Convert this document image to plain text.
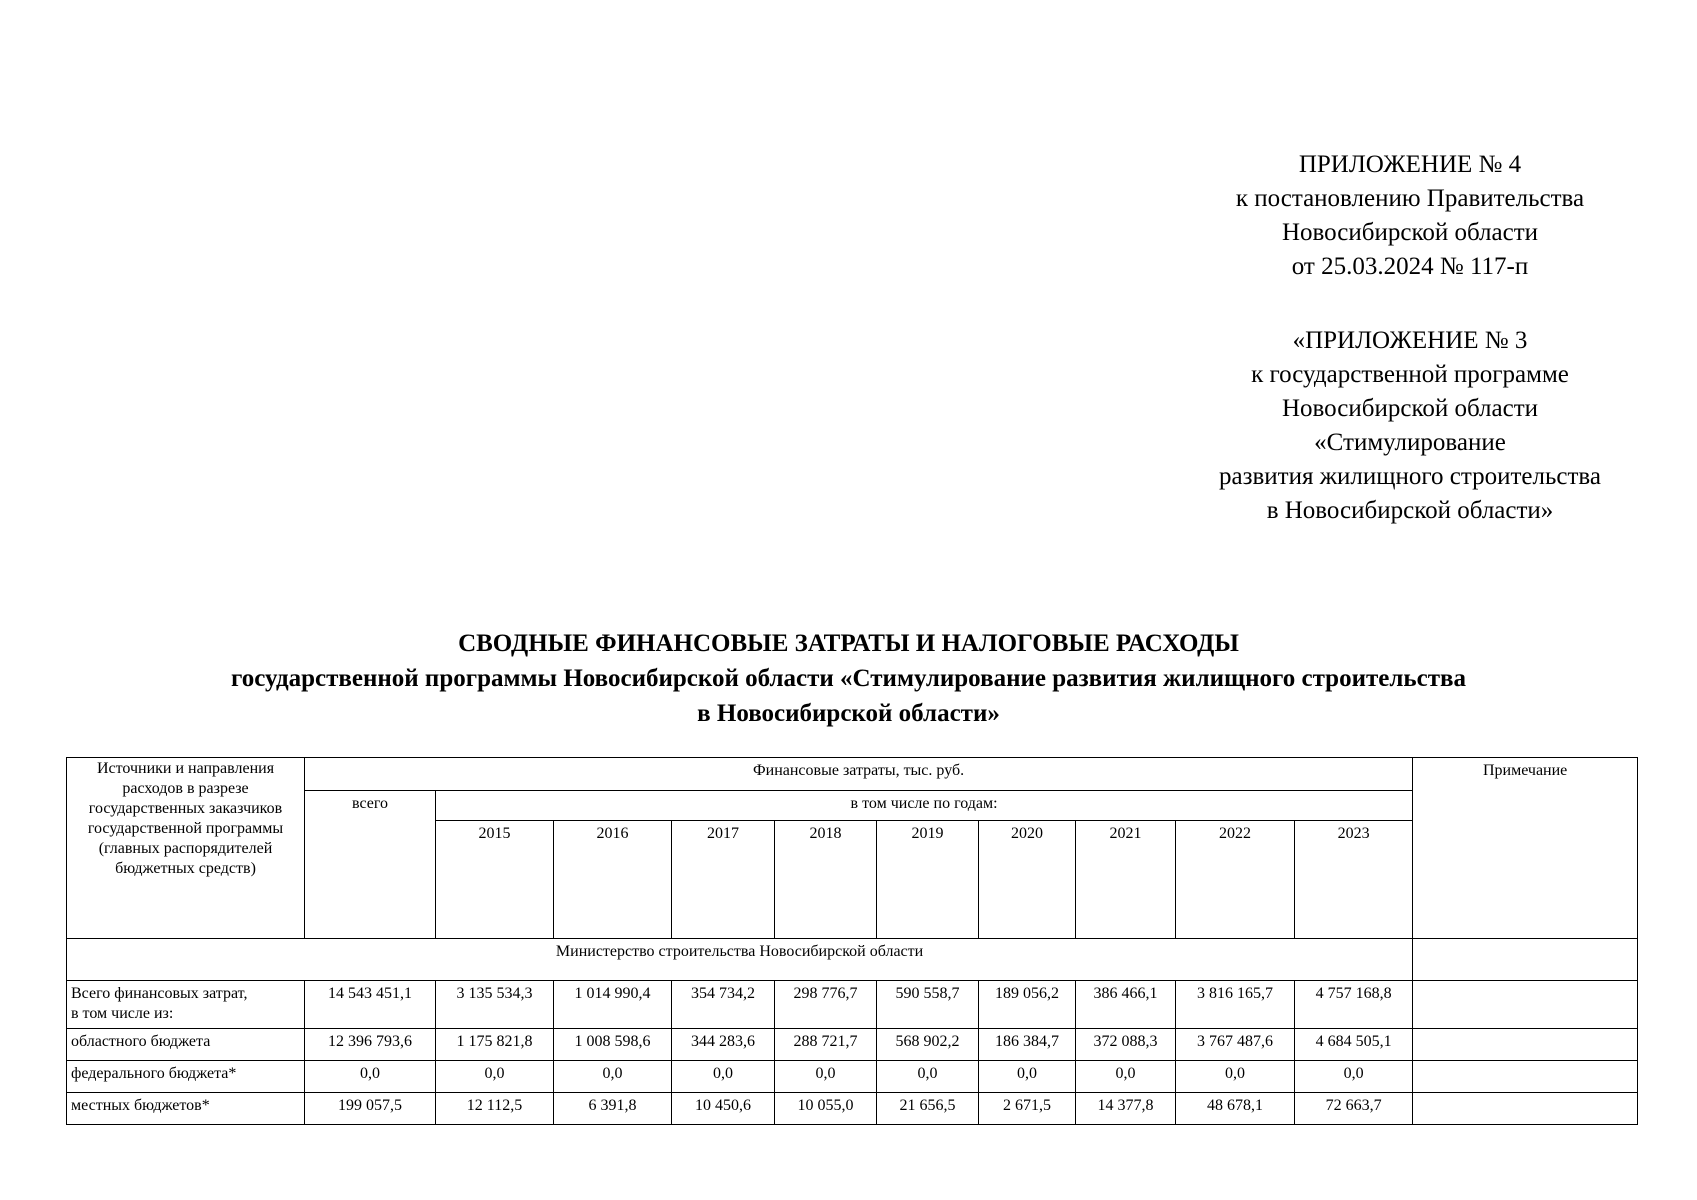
ПРИЛОЖЕНИЕ № 4
к постановлению Правительства
Новосибирской области
от 25.03.2024 № 117-п
«ПРИЛОЖЕНИЕ № 3
к государственной программе
Новосибирской области
«Стимулирование
развития жилищного строительства
в Новосибирской области»
СВОДНЫЕ ФИНАНСОВЫЕ ЗАТРАТЫ И НАЛОГОВЫЕ РАСХОДЫ
государственной программы Новосибирской области «Стимулирование развития жилищного строительства
в Новосибирской области»
Источники и направления расходов в разрезе государственных заказчиков государственной программы (главных распорядителей бюджетных средств)	Финансовые затраты, тыс. руб.										Примечание
	всего	в том числе по годам:									
		2015	2016	2017	2018	2019	2020	2021	2022	2023	
Министерство строительства Новосибирской области											

Всего финансовых затрат,
в том числе из:	14 543 451,1	3 135 534,3	1 014 990,4	354 734,2	298 776,7	590 558,7	189 056,2	386 466,1	3 816 165,7	4 757 168,8	
областного бюджета	12 396 793,6	1 175 821,8	1 008 598,6	344 283,6	288 721,7	568 902,2	186 384,7	372 088,3	3 767 487,6	4 684 505,1	
федерального бюджета*	0,0	0,0	0,0	0,0	0,0	0,0	0,0	0,0	0,0	0,0	
местных бюджетов*	199 057,5	12 112,5	6 391,8	10 450,6	10 055,0	21 656,5	2 671,5	14 377,8	48 678,1	72 663,7	
